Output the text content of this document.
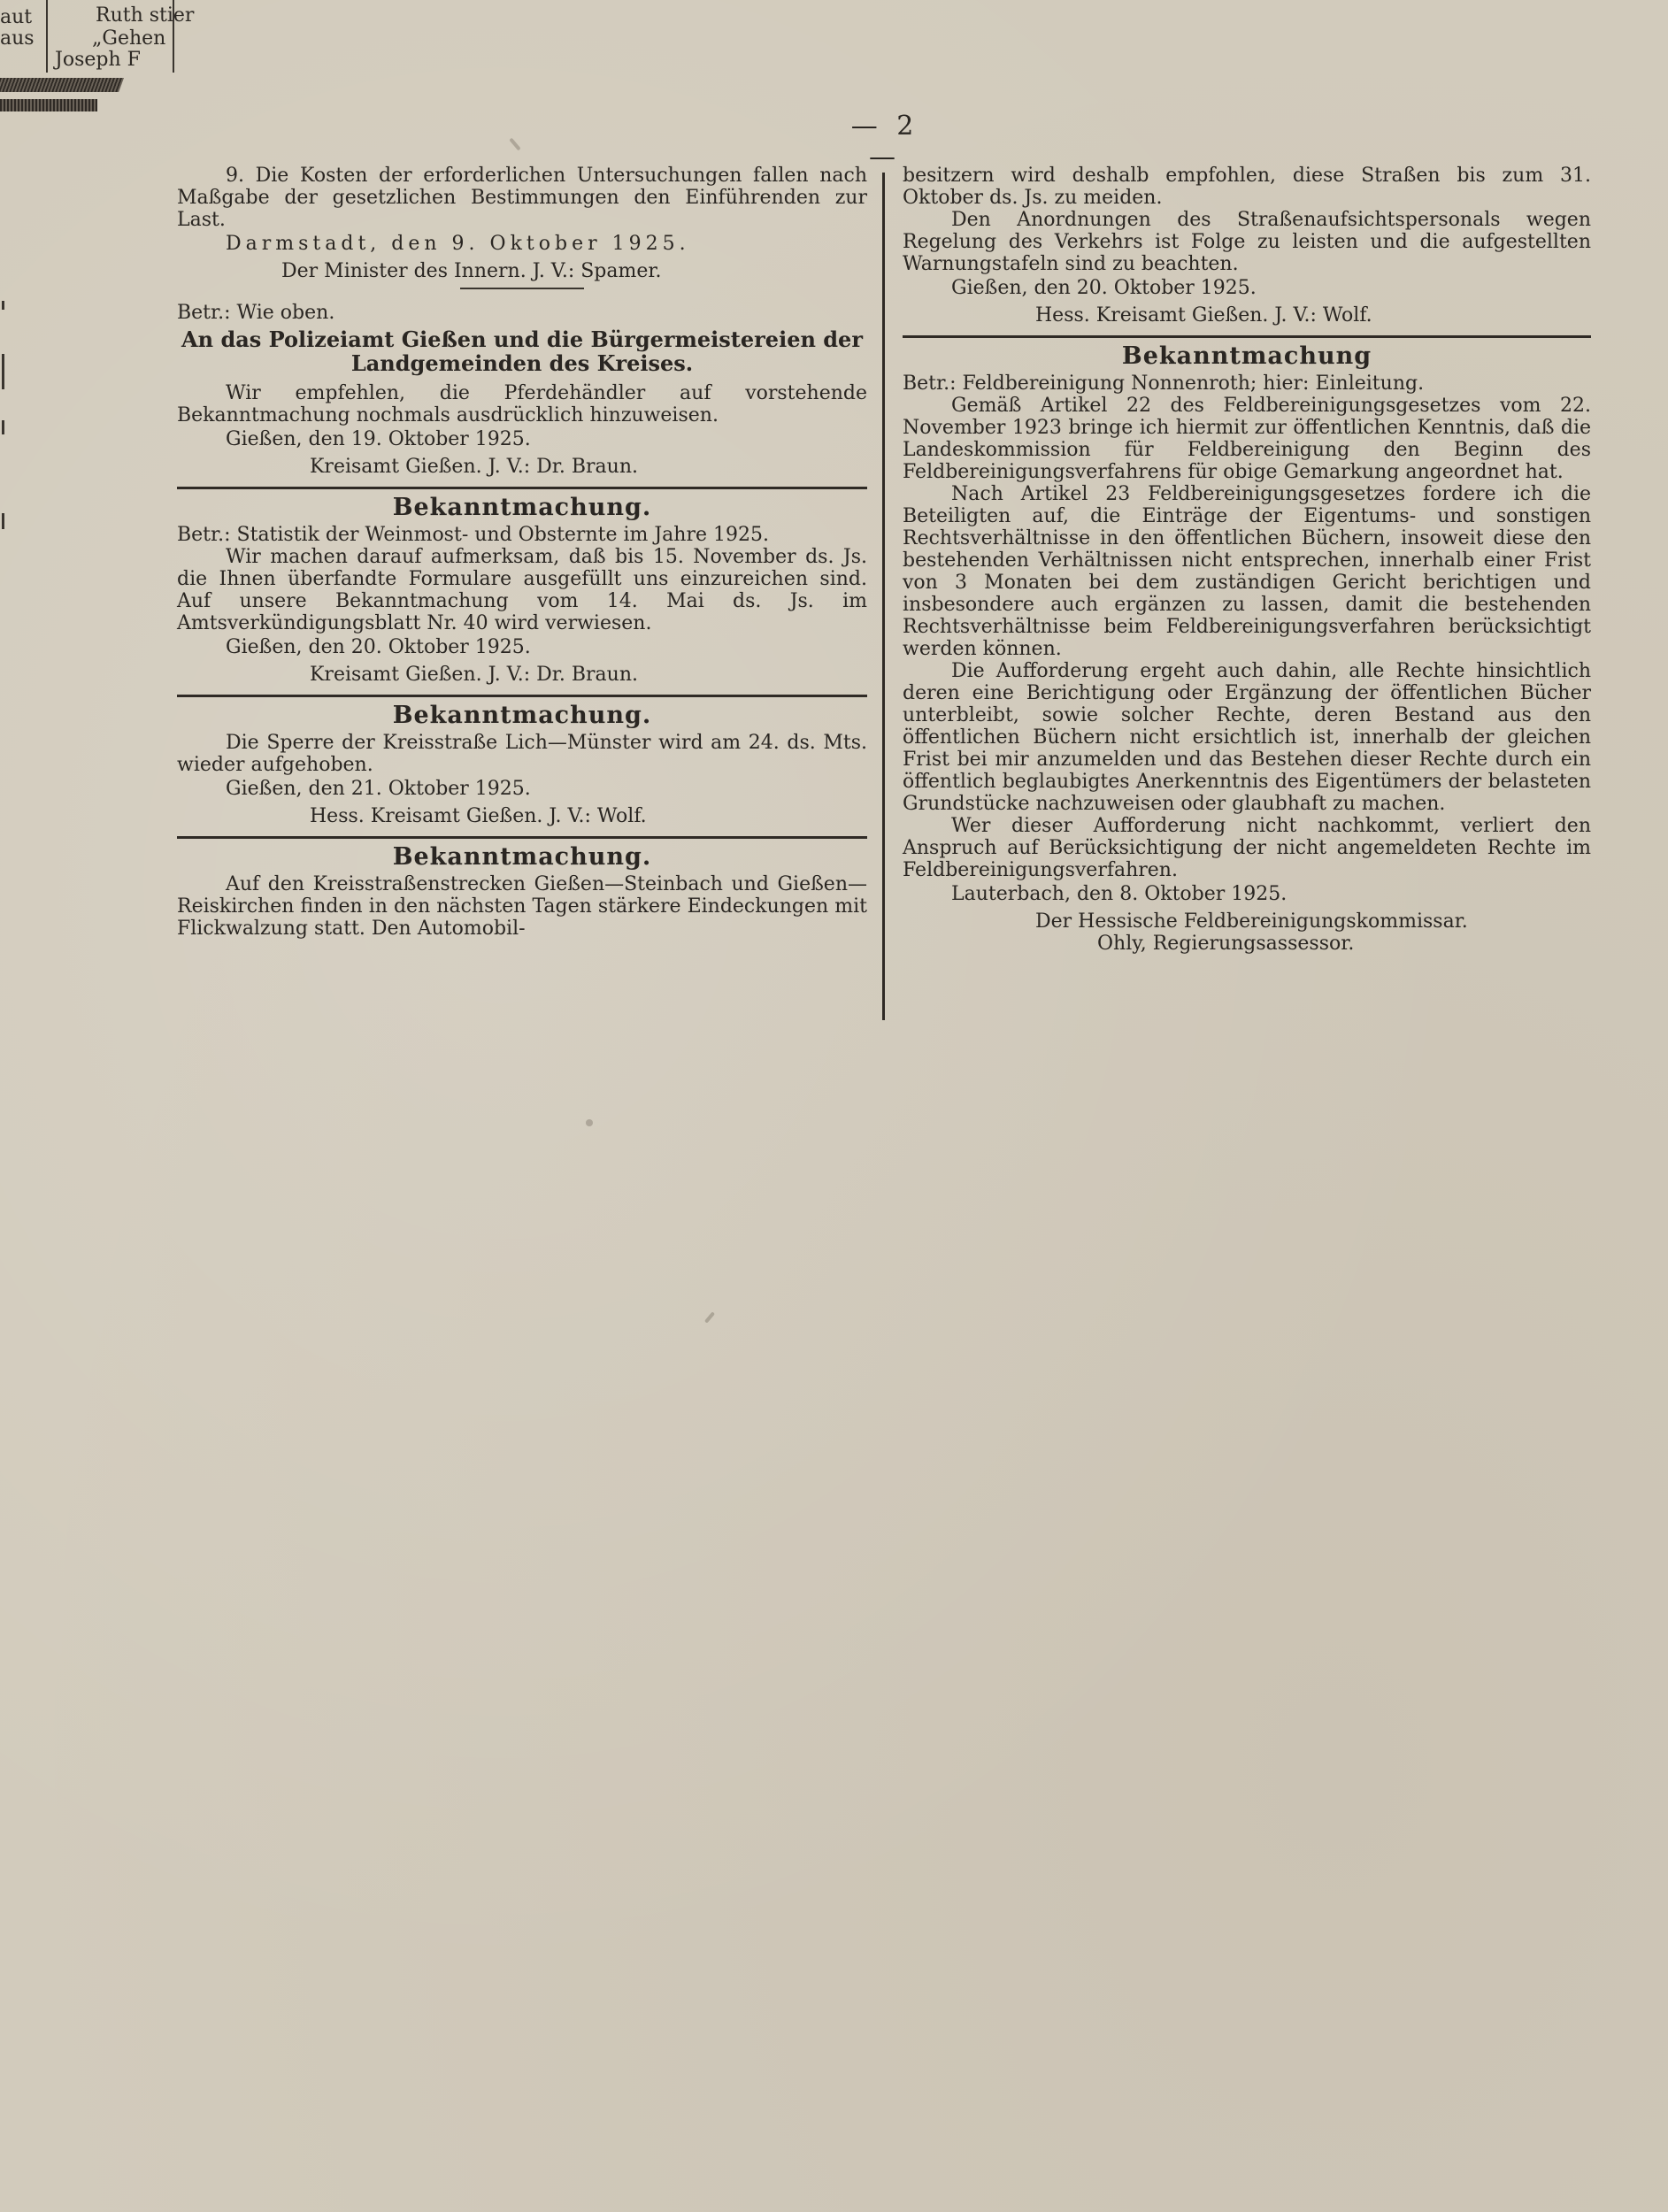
aut
aus
Ruth stier
„Gehen
Joseph F
— 2 —

9. Die Kosten der erforderlichen Untersuchungen fallen nach Maßgabe der gesetzlichen Bestimmungen den Einführenden zur Last.

Darmstadt, den 9. Oktober 1925.

Der Minister des Innern. J. V.: Spamer.

Betr.: Wie oben.

An das Polizeiamt Gießen und die Bürgermeistereien der Landgemeinden des Kreises.

Wir empfehlen, die Pferdehändler auf vorstehende Bekanntmachung nochmals ausdrücklich hinzuweisen.

Gießen, den 19. Oktober 1925.

Kreisamt Gießen. J. V.: Dr. Braun.

Bekanntmachung.

Betr.: Statistik der Weinmost- und Obsternte im Jahre 1925.

Wir machen darauf aufmerksam, daß bis 15. November ds. Js. die Ihnen überfandte Formulare ausgefüllt uns einzureichen sind. Auf unsere Bekanntmachung vom 14. Mai ds. Js. im Amtsverkündigungsblatt Nr. 40 wird verwiesen.

Gießen, den 20. Oktober 1925.

Kreisamt Gießen. J. V.: Dr. Braun.

Bekanntmachung.

Die Sperre der Kreisstraße Lich—Münster wird am 24. ds. Mts. wieder aufgehoben.

Gießen, den 21. Oktober 1925.

Hess. Kreisamt Gießen. J. V.: Wolf.

Bekanntmachung.

Auf den Kreisstraßenstrecken Gießen—Steinbach und Gießen—Reiskirchen finden in den nächsten Tagen stärkere Eindeckungen mit Flickwalzung statt. Den Automobil-

besitzern wird deshalb empfohlen, diese Straßen bis zum 31. Oktober ds. Js. zu meiden.

Den Anordnungen des Straßenaufsichtspersonals wegen Regelung des Verkehrs ist Folge zu leisten und die aufgestellten Warnungstafeln sind zu beachten.

Gießen, den 20. Oktober 1925.

Hess. Kreisamt Gießen. J. V.: Wolf.

Bekanntmachung

Betr.: Feldbereinigung Nonnenroth; hier: Einleitung.

Gemäß Artikel 22 des Feldbereinigungsgesetzes vom 22. November 1923 bringe ich hiermit zur öffentlichen Kenntnis, daß die Landeskommission für Feldbereinigung den Beginn des Feldbereinigungsverfahrens für obige Gemarkung angeordnet hat.

Nach Artikel 23 Feldbereinigungsgesetzes fordere ich die Beteiligten auf, die Einträge der Eigentums- und sonstigen Rechtsverhältnisse in den öffentlichen Büchern, insoweit diese den bestehenden Verhältnissen nicht entsprechen, innerhalb einer Frist von 3 Monaten bei dem zuständigen Gericht berichtigen und insbesondere auch ergänzen zu lassen, damit die bestehenden Rechtsverhältnisse beim Feldbereinigungsverfahren berücksichtigt werden können.

Die Aufforderung ergeht auch dahin, alle Rechte hinsichtlich deren eine Berichtigung oder Ergänzung der öffentlichen Bücher unterbleibt, sowie solcher Rechte, deren Bestand aus den öffentlichen Büchern nicht ersichtlich ist, innerhalb der gleichen Frist bei mir anzumelden und das Bestehen dieser Rechte durch ein öffentlich beglaubigtes Anerkenntnis des Eigentümers der belasteten Grundstücke nachzuweisen oder glaubhaft zu machen.

Wer dieser Aufforderung nicht nachkommt, verliert den Anspruch auf Berücksichtigung der nicht angemeldeten Rechte im Feldbereinigungsverfahren.

Lauterbach, den 8. Oktober 1925.

Der Hessische Feldbereinigungskommissar.

Ohly, Regierungsassessor.
